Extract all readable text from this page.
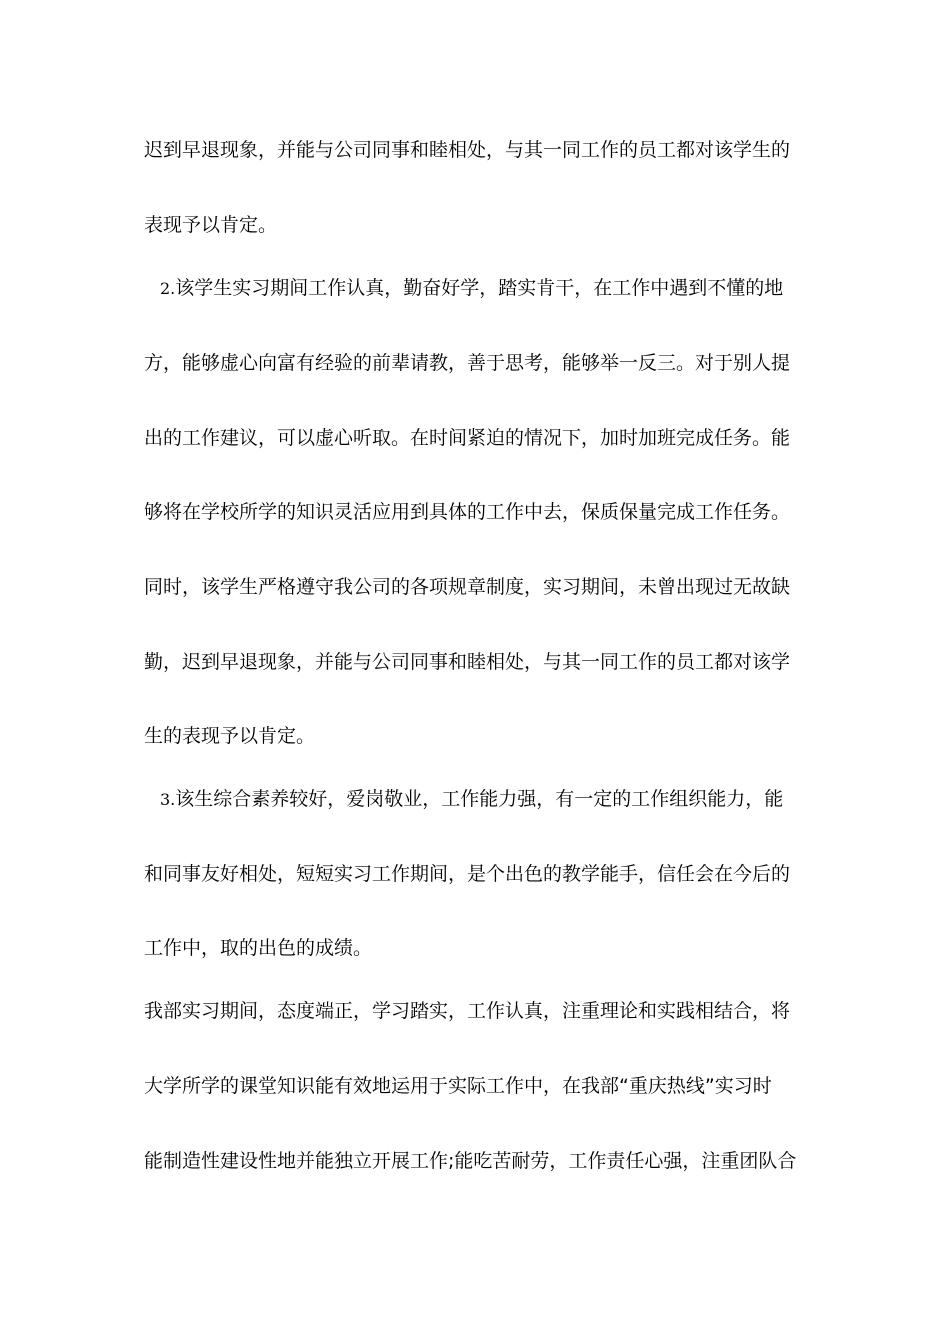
迟到早退现象，并能与公司同事和睦相处，与其一同工作的员工都对该学生的
表现予以肯定。
2.该学生实习期间工作认真，勤奋好学，踏实肯干，在工作中遇到不懂的地
方，能够虚心向富有经验的前辈请教，善于思考，能够举一反三。对于别人提
出的工作建议，可以虚心听取。在时间紧迫的情况下，加时加班完成任务。能
够将在学校所学的知识灵活应用到具体的工作中去，保质保量完成工作任务。
同时，该学生严格遵守我公司的各项规章制度，实习期间，未曾出现过无故缺
勤，迟到早退现象，并能与公司同事和睦相处，与其一同工作的员工都对该学
生的表现予以肯定。
3.该生综合素养较好，爱岗敬业，工作能力强，有一定的工作组织能力，能
和同事友好相处，短短实习工作期间，是个出色的教学能手，信任会在今后的
工作中，取的出色的成绩。
我部实习期间，态度端正，学习踏实，工作认真，注重理论和实践相结合，将
大学所学的课堂知识能有效地运用于实际工作中，在我部“重庆热线”实习时
能制造性建设性地并能独立开展工作;能吃苦耐劳，工作责任心强，注重团队合
